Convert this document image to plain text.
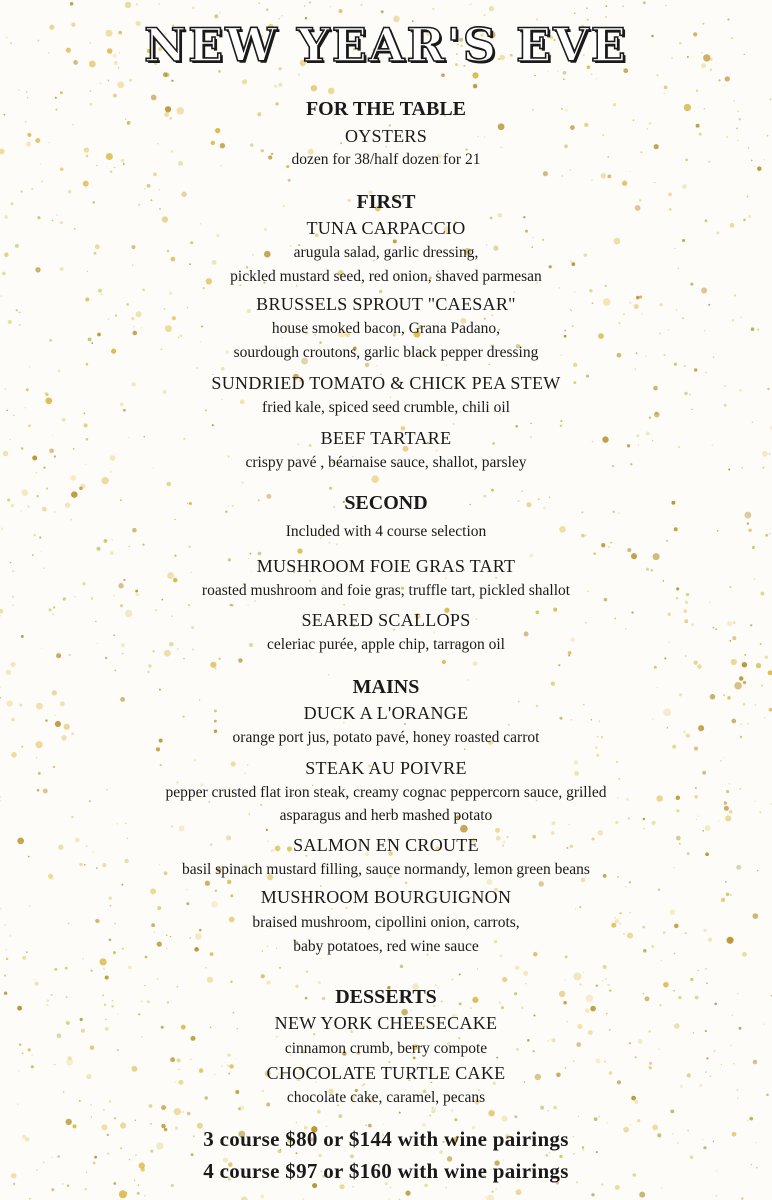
NEW YEAR'S EVE
FOR THE TABLE
OYSTERS
dozen for 38/half dozen for 21
FIRST
TUNA CARPACCIO
arugula salad, garlic dressing,
pickled mustard seed, red onion, shaved parmesan
BRUSSELS SPROUT "CAESAR"
house smoked bacon, Grana Padano,
sourdough croutons, garlic black pepper dressing
SUNDRIED TOMATO & CHICK PEA STEW
fried kale, spiced seed crumble, chili oil
BEEF TARTARE
crispy pavé , béarnaise sauce, shallot, parsley
SECOND
Included with 4 course selection
MUSHROOM FOIE GRAS TART
roasted mushroom and foie gras, truffle tart, pickled shallot
SEARED SCALLOPS
celeriac purée, apple chip, tarragon oil
MAINS
DUCK A L'ORANGE
orange port jus, potato pavé, honey roasted carrot
STEAK AU POIVRE
pepper crusted flat iron steak, creamy cognac peppercorn sauce, grilled
asparagus and herb mashed potato
SALMON EN CROUTE
basil spinach mustard filling, sauce normandy, lemon green beans
MUSHROOM BOURGUIGNON
braised mushroom, cipollini onion, carrots,
baby potatoes, red wine sauce
DESSERTS
NEW YORK CHEESECAKE
cinnamon crumb, berry compote
CHOCOLATE TURTLE CAKE
chocolate cake, caramel, pecans
3 course $80 or $144 with wine pairings
4 course $97 or $160 with wine pairings
